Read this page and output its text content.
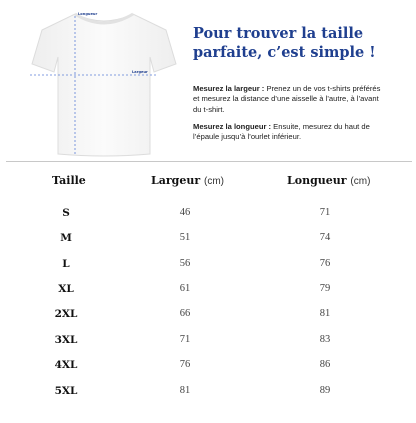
Longueur
Largeur
Pour trouver la taille
parfaite, c’est simple !
Mesurez la largeur : Prenez un de vos t-shirts préférés et mesurez la distance d’une aisselle à l’autre, à l’avant du t-shirt.
Mesurez la longueur : Ensuite, mesurez du haut de l’épaule jusqu’à l’ourlet inférieur.
Taille	Largeur (cm)	Longueur (cm)
S	46	71
M	51	74
L	56	76
XL	61	79
2XL	66	81
3XL	71	83
4XL	76	86
5XL	81	89
